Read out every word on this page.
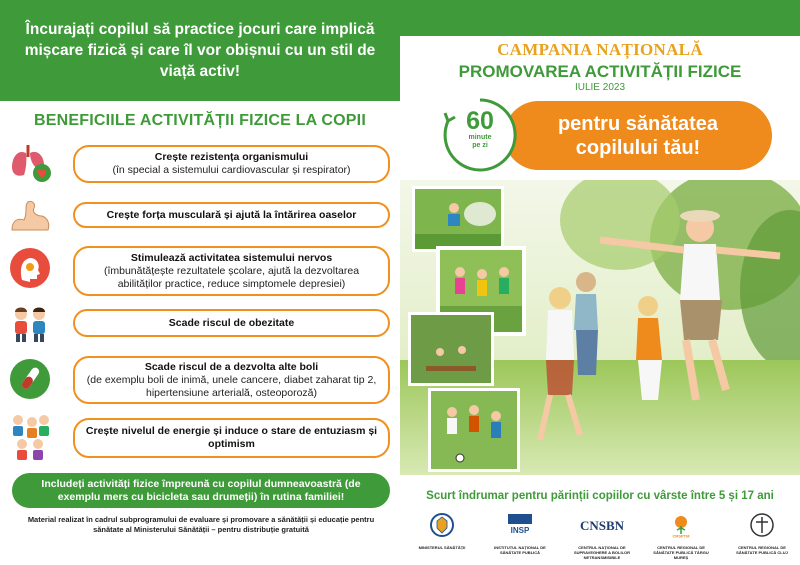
Încurajați copilul să practice jocuri care implică mișcare fizică și care îl vor obișnui cu un stil de viață activ!
BENEFICIILE ACTIVITĂȚII FIZICE LA COPII
Crește rezistența organismului
(în special a sistemului cardiovascular și respirator)
Crește forța musculară și ajută la întărirea oaselor
Stimulează activitatea sistemului nervos
(îmbunătățește rezultatele școlare, ajută la dezvoltarea abilităților practice, reduce simptomele depresiei)
Scade riscul de obezitate
Scade riscul de a dezvolta alte boli
(de exemplu boli de inimă, unele cancere, diabet zaharat tip 2, hipertensiune arterială, osteoporoză)
Crește nivelul de energie și induce o stare de entuziasm și optimism
Includeți activități fizice împreună cu copilul dumneavoastră (de exemplu mers cu bicicleta sau drumeții) în rutina familiei!
Material realizat în cadrul subprogramului de evaluare și promovare a sănătății și educație pentru sănătate al Ministerului Sănătății – pentru distribuție gratuită
CAMPANIA NAȚIONALĂ
PROMOVAREA ACTIVITĂȚII FIZICE
IULIE 2023
pentru sănătatea
copilului tău!
60
minute
pe zi
Scurt îndrumar pentru părinții copiilor cu vârste între 5 și 17 ani
MINISTERUL SĂNĂTĂȚII
INSP
INSTITUTUL NAȚIONAL DE SĂNĂTATE PUBLICĂ
CNSBN
CENTRUL NAȚIONAL DE SUPRAVEGHERE A BOLILOR NETRANSMISIBILE
CRSPTM
CENTRUL REGIONAL DE SĂNĂTATE PUBLICĂ TÂRGU MUREȘ
CENTRUL REGIONAL DE SĂNĂTATE PUBLICĂ CLUJ
